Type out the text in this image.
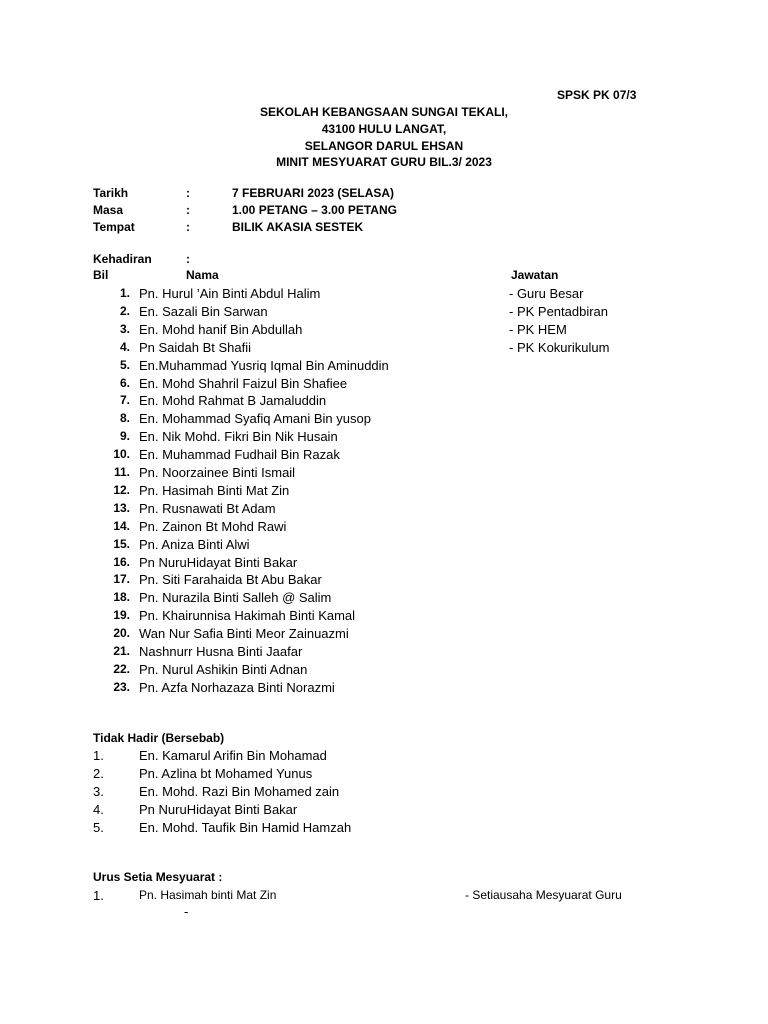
SPSK PK 07/3
SEKOLAH KEBANGSAAN SUNGAI TEKALI,
43100 HULU LANGAT,
SELANGOR DARUL EHSAN
MINIT MESYUARAT GURU BIL.3/ 2023
Tarikh	:	7 FEBRUARI 2023 (SELASA)
Masa	:	1.00 PETANG – 3.00 PETANG
Tempat	:	BILIK AKASIA SESTEK
Kehadiran	:
Bil	Nama	Jawatan
1. Pn. Hurul ’Ain Binti Abdul Halim	- Guru Besar
2. En. Sazali Bin Sarwan	- PK Pentadbiran
3. En. Mohd hanif Bin Abdullah	- PK HEM
4. Pn Saidah Bt Shafii	- PK Kokurikulum
5. En.Muhammad Yusriq Iqmal Bin Aminuddin
6. En. Mohd Shahril Faizul Bin Shafiee
7. En. Mohd Rahmat B Jamaluddin
8. En. Mohammad Syafiq Amani Bin yusop
9. En. Nik Mohd. Fikri Bin Nik Husain
10. En. Muhammad Fudhail Bin Razak
11. Pn. Noorzainee Binti Ismail
12. Pn. Hasimah Binti Mat Zin
13. Pn. Rusnawati Bt Adam
14. Pn. Zainon Bt Mohd Rawi
15. Pn. Aniza Binti Alwi
16. Pn NuruHidayat Binti Bakar
17. Pn. Siti Farahaida Bt Abu Bakar
18. Pn. Nurazila Binti Salleh @ Salim
19. Pn. Khairunnisa Hakimah Binti Kamal
20. Wan Nur Safia Binti Meor Zainuazmi
21. Nashnurr Husna Binti Jaafar
22. Pn. Nurul Ashikin Binti Adnan
23. Pn. Azfa Norhazaza Binti Norazmi
Tidak Hadir (Bersebab)
1.	En. Kamarul Arifin Bin Mohamad
2.	Pn. Azlina bt Mohamed Yunus
3.	En. Mohd. Razi Bin Mohamed zain
4.	Pn NuruHidayat Binti Bakar
5.	En. Mohd. Taufik Bin Hamid Hamzah
Urus Setia Mesyuarat :
1.	Pn. Hasimah binti Mat Zin	- Setiausaha Mesyuarat Guru
-
